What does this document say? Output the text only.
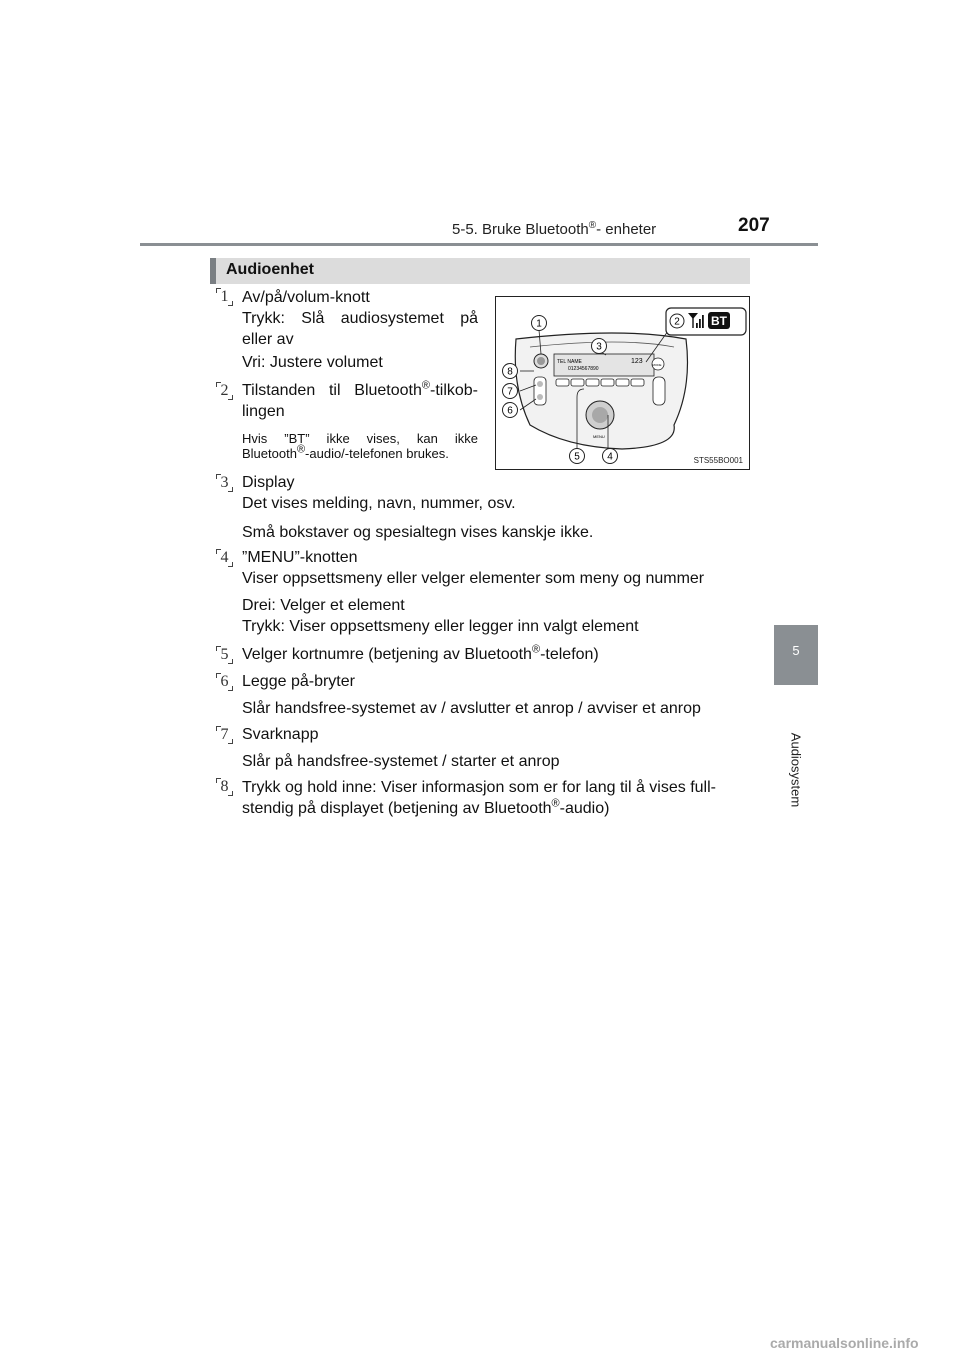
5-5. Bruke Bluetooth®- enheter	207
5
Audiosystem
Audioenhet
1 Av/på/volum-knott
Trykk: Slå audiosystemet på
eller av
Vri: Justere volumet
2 Tilstanden til Bluetooth®-tilkob-
lingen
Hvis ”BT” ikke vises, kan ikke
Bluetooth®-audio/-telefonen brukes.
TEL NAME
01234567890
123	MODE
MENU
1
3
8
7
6
5	4
2	BT
STS55BO001
3 Display
Det vises melding, navn, nummer, osv.
Små bokstaver og spesialtegn vises kanskje ikke.
4 ”MENU”-knotten
Viser oppsettsmeny eller velger elementer som meny og nummer
Drei: Velger et element
Trykk: Viser oppsettsmeny eller legger inn valgt element
5 Velger kortnumre (betjening av Bluetooth®-telefon)
6 Legge på-bryter
Slår handsfree-systemet av / avslutter et anrop / avviser et anrop
7 Svarknapp
Slår på handsfree-systemet / starter et anrop
8 Trykk og hold inne: Viser informasjon som er for lang til å vises full-
stendig på displayet (betjening av Bluetooth®-audio)
carmanualsonline.info
